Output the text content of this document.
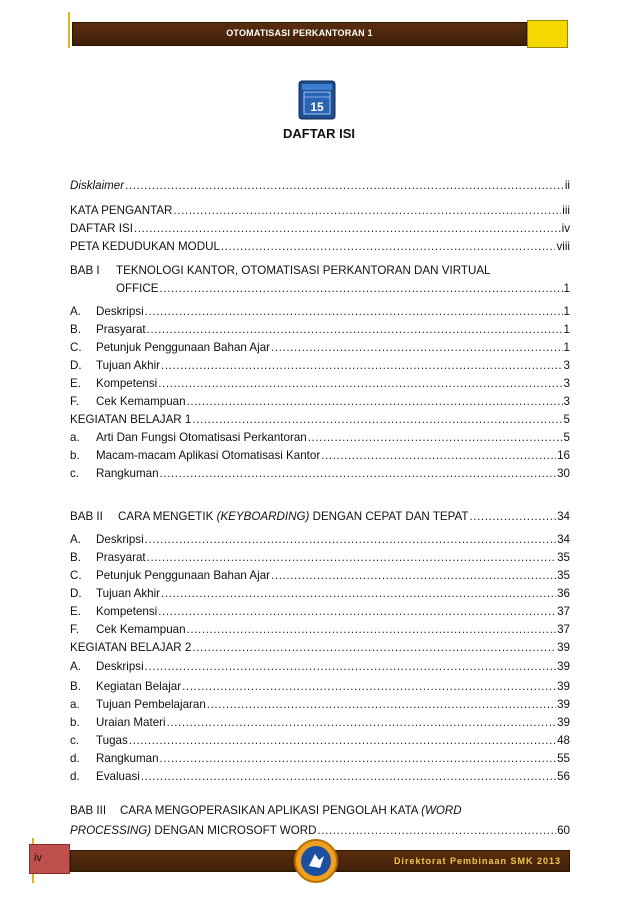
OTOMATISASI PERKANTORAN 1
15
DAFTAR ISI
Disklaimer .....	ii
KATA PENGANTAR .....	iii
DAFTAR ISI .....	iv
PETA KEDUDUKAN MODUL .....	viii
BAB I	TEKNOLOGI KANTOR, OTOMATISASI PERKANTORAN DAN VIRTUAL
OFFICE .....	1
A.	Deskripsi .....	1
B.	Prasyarat .....	1
C.	Petunjuk Penggunaan Bahan Ajar .....	1
D.	Tujuan Akhir .....	3
E.	Kompetensi .....	3
F.	Cek Kemampuan .....	3
KEGIATAN BELAJAR 1 .....	5
a.	Arti Dan Fungsi Otomatisasi Perkantoran .....	5
b.	Macam-macam Aplikasi Otomatisasi Kantor .....	16
c.	Rangkuman .....	30
BAB II	CARA MENGETIK (KEYBOARDING) DENGAN CEPAT DAN TEPAT .....	34
A.	Deskripsi .....	34
B.	Prasyarat .....	35
C.	Petunjuk Penggunaan Bahan Ajar .....	35
D.	Tujuan Akhir .....	36
E.	Kompetensi .....	37
F.	Cek Kemampuan .....	37
KEGIATAN BELAJAR 2 .....	39
A.	Deskripsi .....	39
B.	Kegiatan Belajar .....	39
a.	Tujuan Pembelajaran .....	39
b.	Uraian Materi .....	39
c.	Tugas .....	48
d.	Rangkuman .....	55
d.	Evaluasi .....	56
BAB III	CARA MENGOPERASIKAN APLIKASI PENGOLAH KATA (WORD
PROCESSING) DENGAN MICROSOFT WORD .....	60
iv	Direktorat Pembinaan SMK 2013
